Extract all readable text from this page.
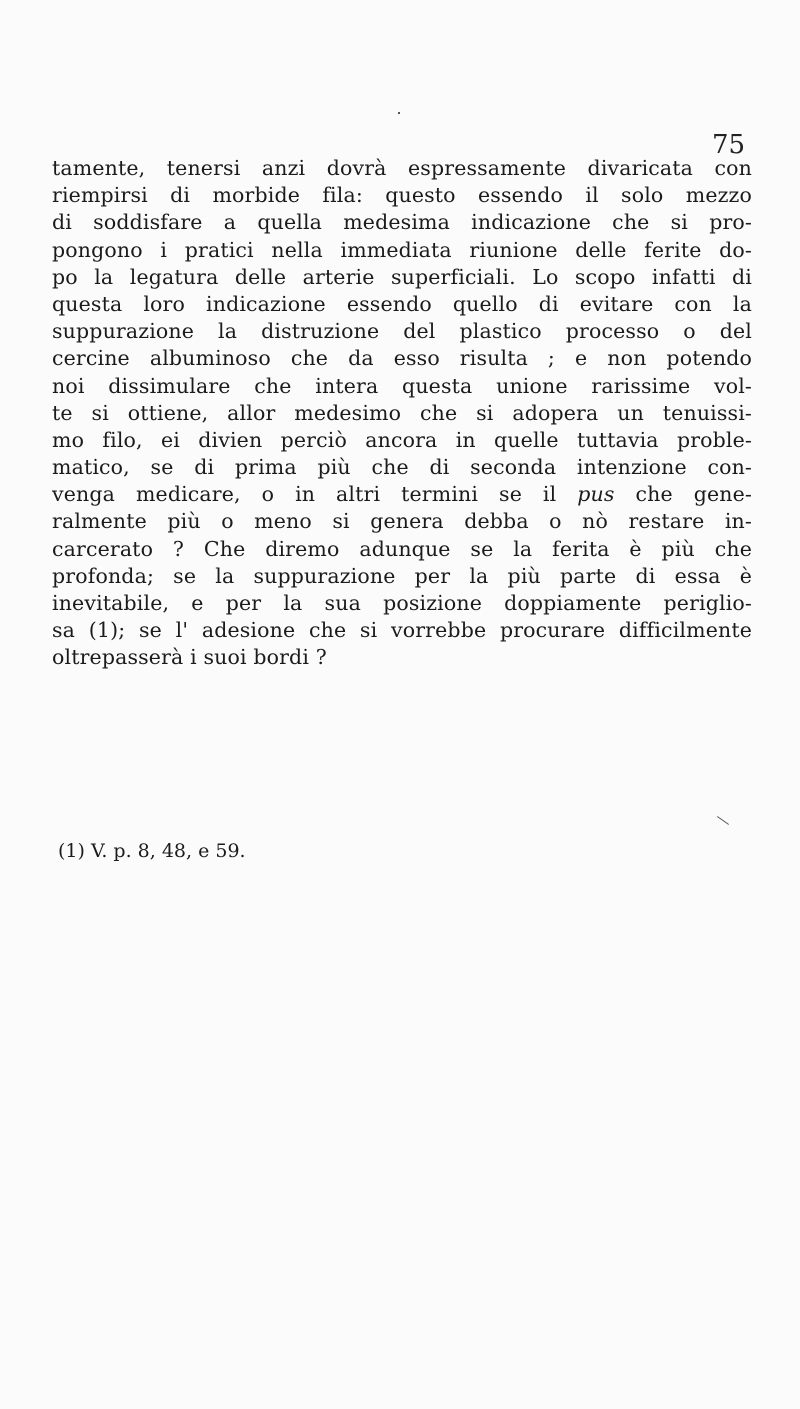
75
tamente, tenersi anzi dovrà espressamente divaricata con
riempirsi di morbide fila: questo essendo il solo mezzo
di soddisfare a quella medesima indicazione che si pro-
pongono i pratici nella immediata riunione delle ferite do-
po la legatura delle arterie superficiali. Lo scopo infatti di
questa loro indicazione essendo quello di evitare con la
suppurazione la distruzione del plastico processo o del
cercine albuminoso che da esso risulta ; e non potendo
noi dissimulare che intera questa unione rarissime vol-
te si ottiene, allor medesimo che si adopera un tenuissi-
mo filo, ei divien perciò ancora in quelle tuttavia proble-
matico, se di prima più che di seconda intenzione con-
venga medicare, o in altri termini se il pus che gene-
ralmente più o meno si genera debba o nò restare in-
carcerato ? Che diremo adunque se la ferita è più che
profonda; se la suppurazione per la più parte di essa è
inevitabile, e per la sua posizione doppiamente periglio-
sa (1); se l' adesione che si vorrebbe procurare difficilmente
oltrepasserà i suoi bordi ?
(1) V. p. 8, 48, e 59.
